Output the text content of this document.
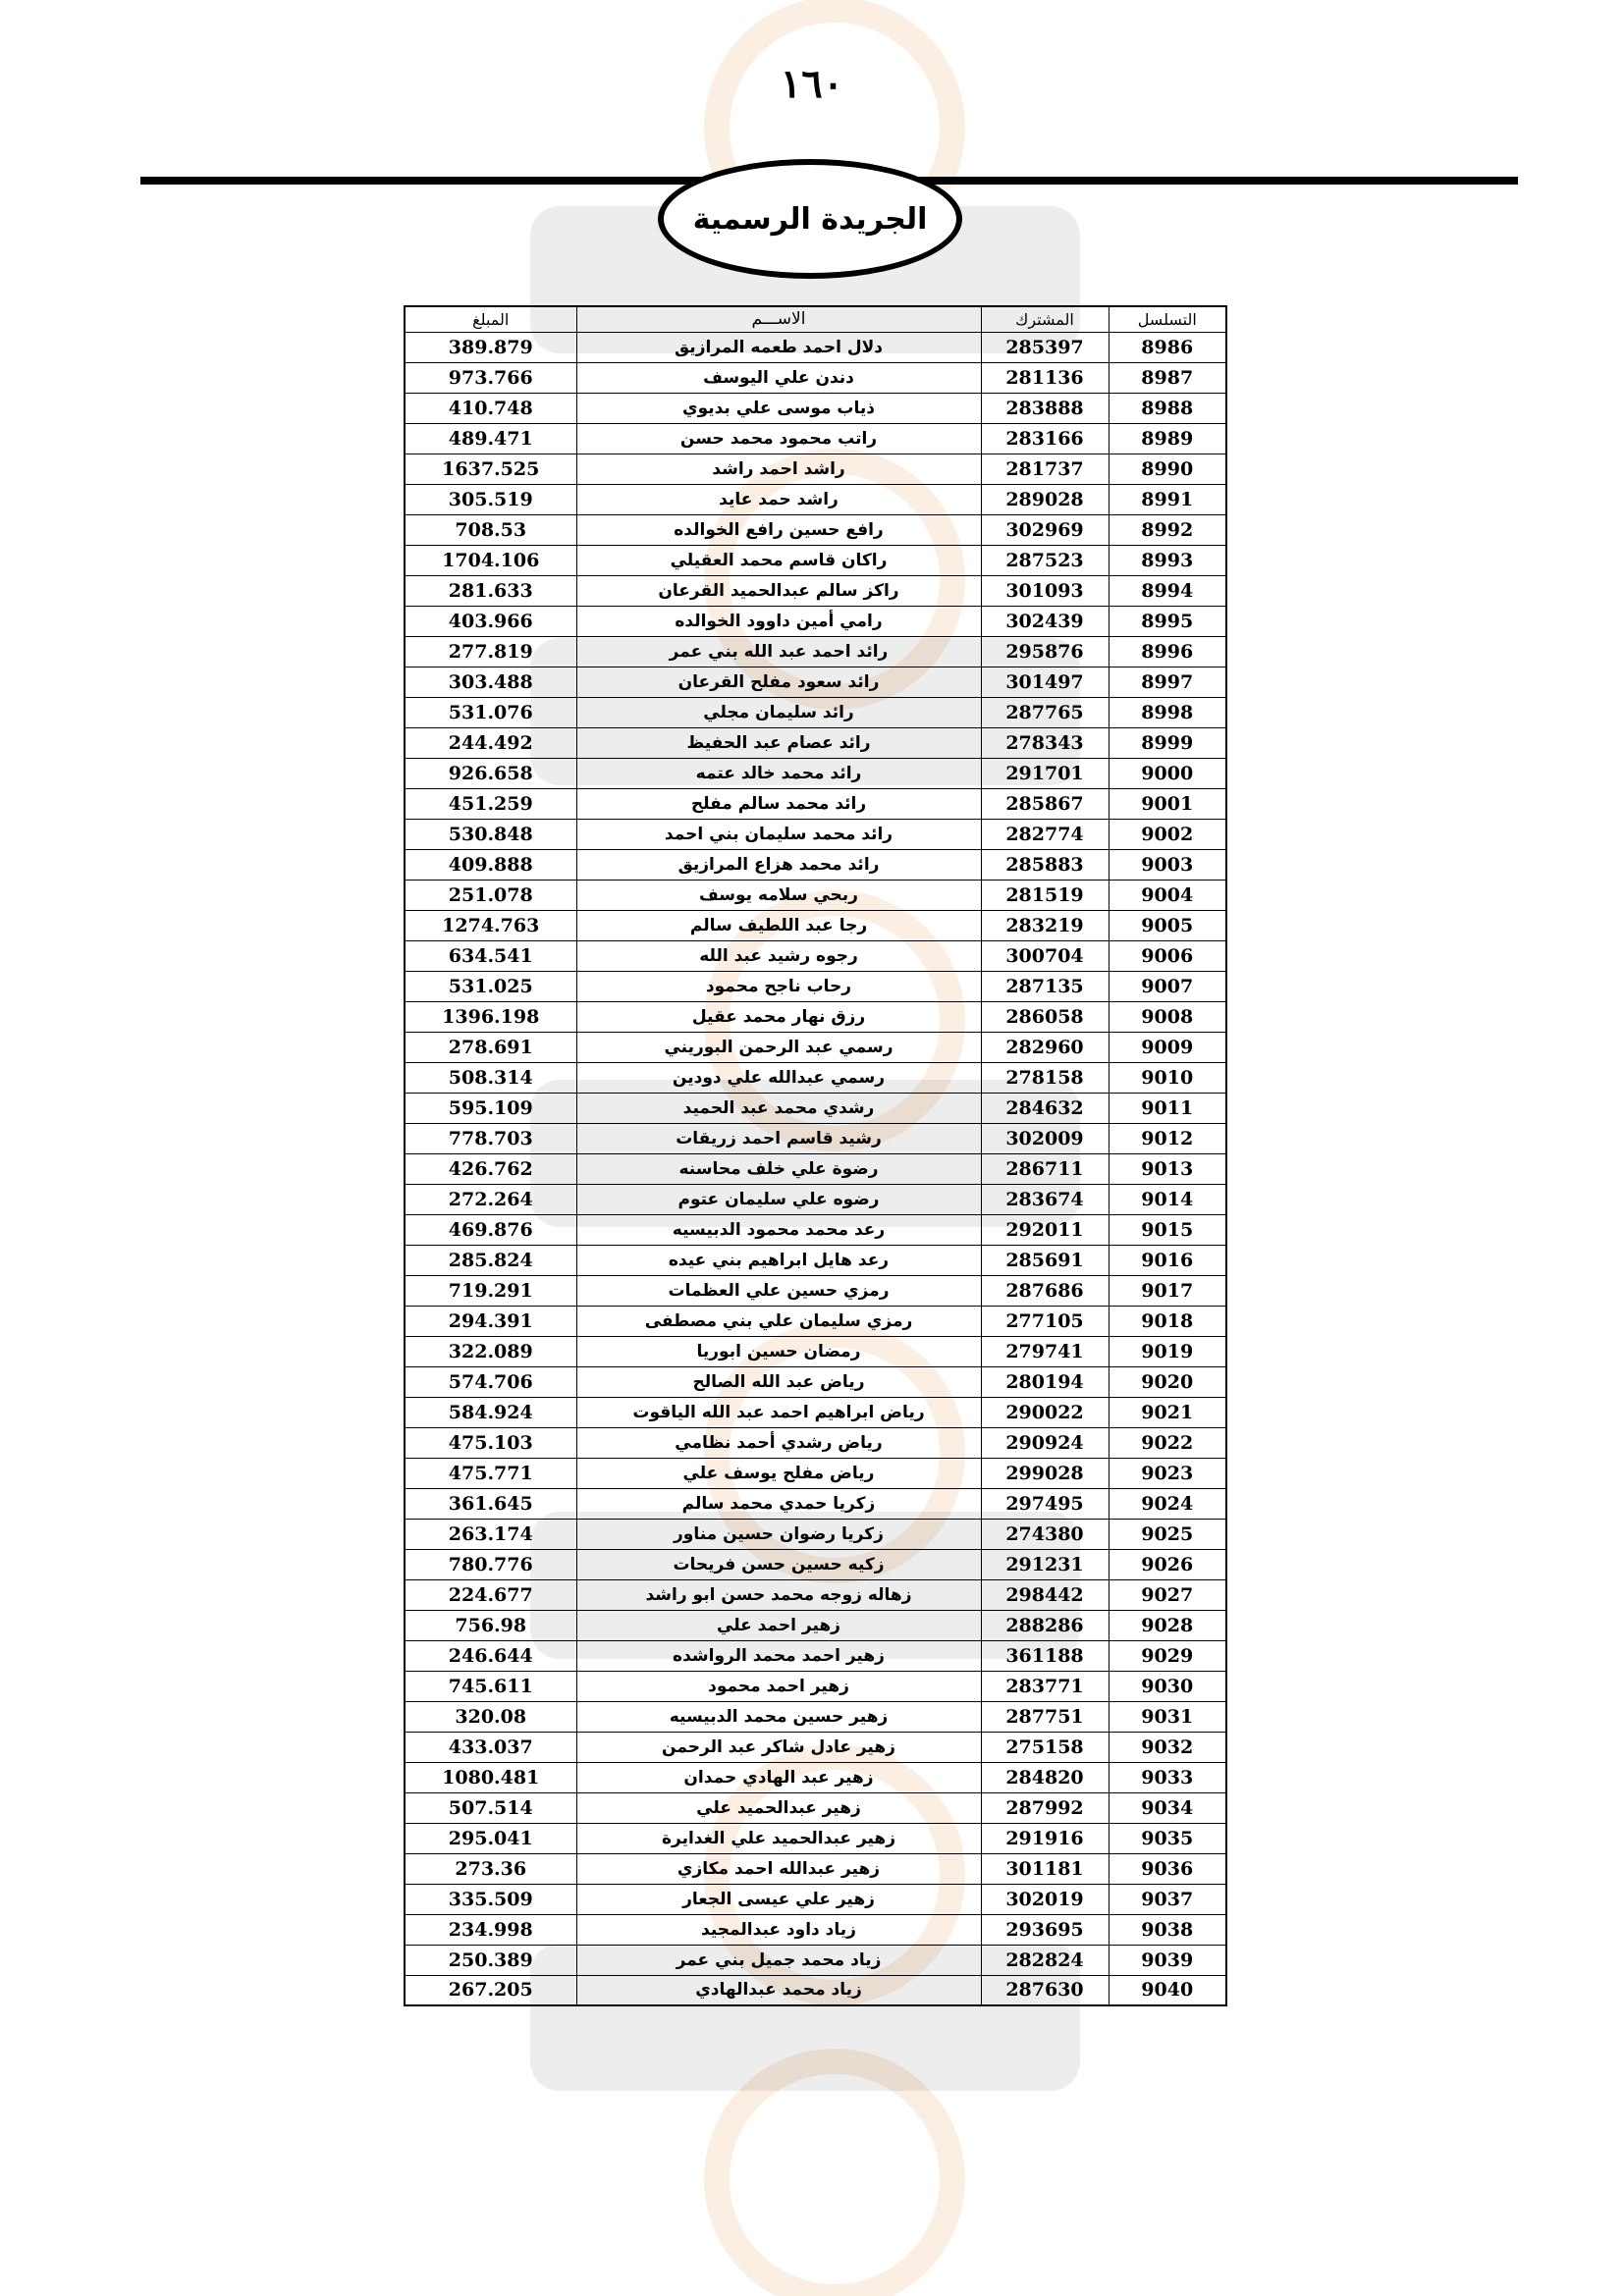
١٦٠
الجريدة الرسمية
التسلسل	المشترك	الاســـم	المبلغ
8986	285397	دلال احمد طعمه المرازيق	389.879
8987	281136	دندن علي اليوسف	973.766
8988	283888	ذياب موسى علي بديوي	410.748
8989	283166	راتب محمود محمد حسن	489.471
8990	281737	راشد احمد راشد	1637.525
8991	289028	راشد حمد عايد	305.519
8992	302969	رافع حسين رافع الخوالده	708.53
8993	287523	راكان قاسم محمد العقيلي	1704.106
8994	301093	راكز سالم عبدالحميد القرعان	281.633
8995	302439	رامي أمين داوود الخوالده	403.966
8996	295876	رائد احمد عبد الله بني عمر	277.819
8997	301497	رائد سعود مفلح القرعان	303.488
8998	287765	رائد سليمان مجلي	531.076
8999	278343	رائد عصام عبد الحفيظ	244.492
9000	291701	رائد محمد خالد عتمه	926.658
9001	285867	رائد محمد سالم مفلح	451.259
9002	282774	رائد محمد سليمان بني احمد	530.848
9003	285883	رائد محمد هزاع المرازيق	409.888
9004	281519	ربحي سلامه يوسف	251.078
9005	283219	رجا عبد اللطيف سالم	1274.763
9006	300704	رجوه رشيد عبد الله	634.541
9007	287135	رحاب ناجح محمود	531.025
9008	286058	رزق نهار محمد عقيل	1396.198
9009	282960	رسمي عبد الرحمن البوريني	278.691
9010	278158	رسمي عبدالله علي دودين	508.314
9011	284632	رشدي محمد عبد الحميد	595.109
9012	302009	رشيد قاسم احمد زريقات	778.703
9013	286711	رضوة علي خلف محاسنه	426.762
9014	283674	رضوه علي سليمان عتوم	272.264
9015	292011	رعد محمد محمود الدبيسيه	469.876
9016	285691	رعد هايل ابراهيم بني عيده	285.824
9017	287686	رمزي حسين علي العظمات	719.291
9018	277105	رمزي سليمان علي بني مصطفى	294.391
9019	279741	رمضان حسين ابوريا	322.089
9020	280194	رياض عبد الله الصالح	574.706
9021	290022	رياض ابراهيم احمد عبد الله الياقوت	584.924
9022	290924	رياض رشدي أحمد نظامي	475.103
9023	299028	رياض مفلح يوسف علي	475.771
9024	297495	زكريا حمدي محمد سالم	361.645
9025	274380	زكريا رضوان حسين مناور	263.174
9026	291231	زكيه حسين حسن فريحات	780.776
9027	298442	زهاله زوجه محمد حسن ابو راشد	224.677
9028	288286	زهير احمد علي	756.98
9029	361188	زهير احمد محمد الرواشده	246.644
9030	283771	زهير احمد محمود	745.611
9031	287751	زهير حسين محمد الدبيسيه	320.08
9032	275158	زهير عادل شاكر عبد الرحمن	433.037
9033	284820	زهير عبد الهادي حمدان	1080.481
9034	287992	زهير عبدالحميد علي	507.514
9035	291916	زهير عبدالحميد علي الغدايرة	295.041
9036	301181	زهير عبدالله احمد مكازي	273.36
9037	302019	زهير علي عيسى الجعار	335.509
9038	293695	زياد داود عبدالمجيد	234.998
9039	282824	زياد محمد جميل بني عمر	250.389
9040	287630	زياد محمد عبدالهادي	267.205
